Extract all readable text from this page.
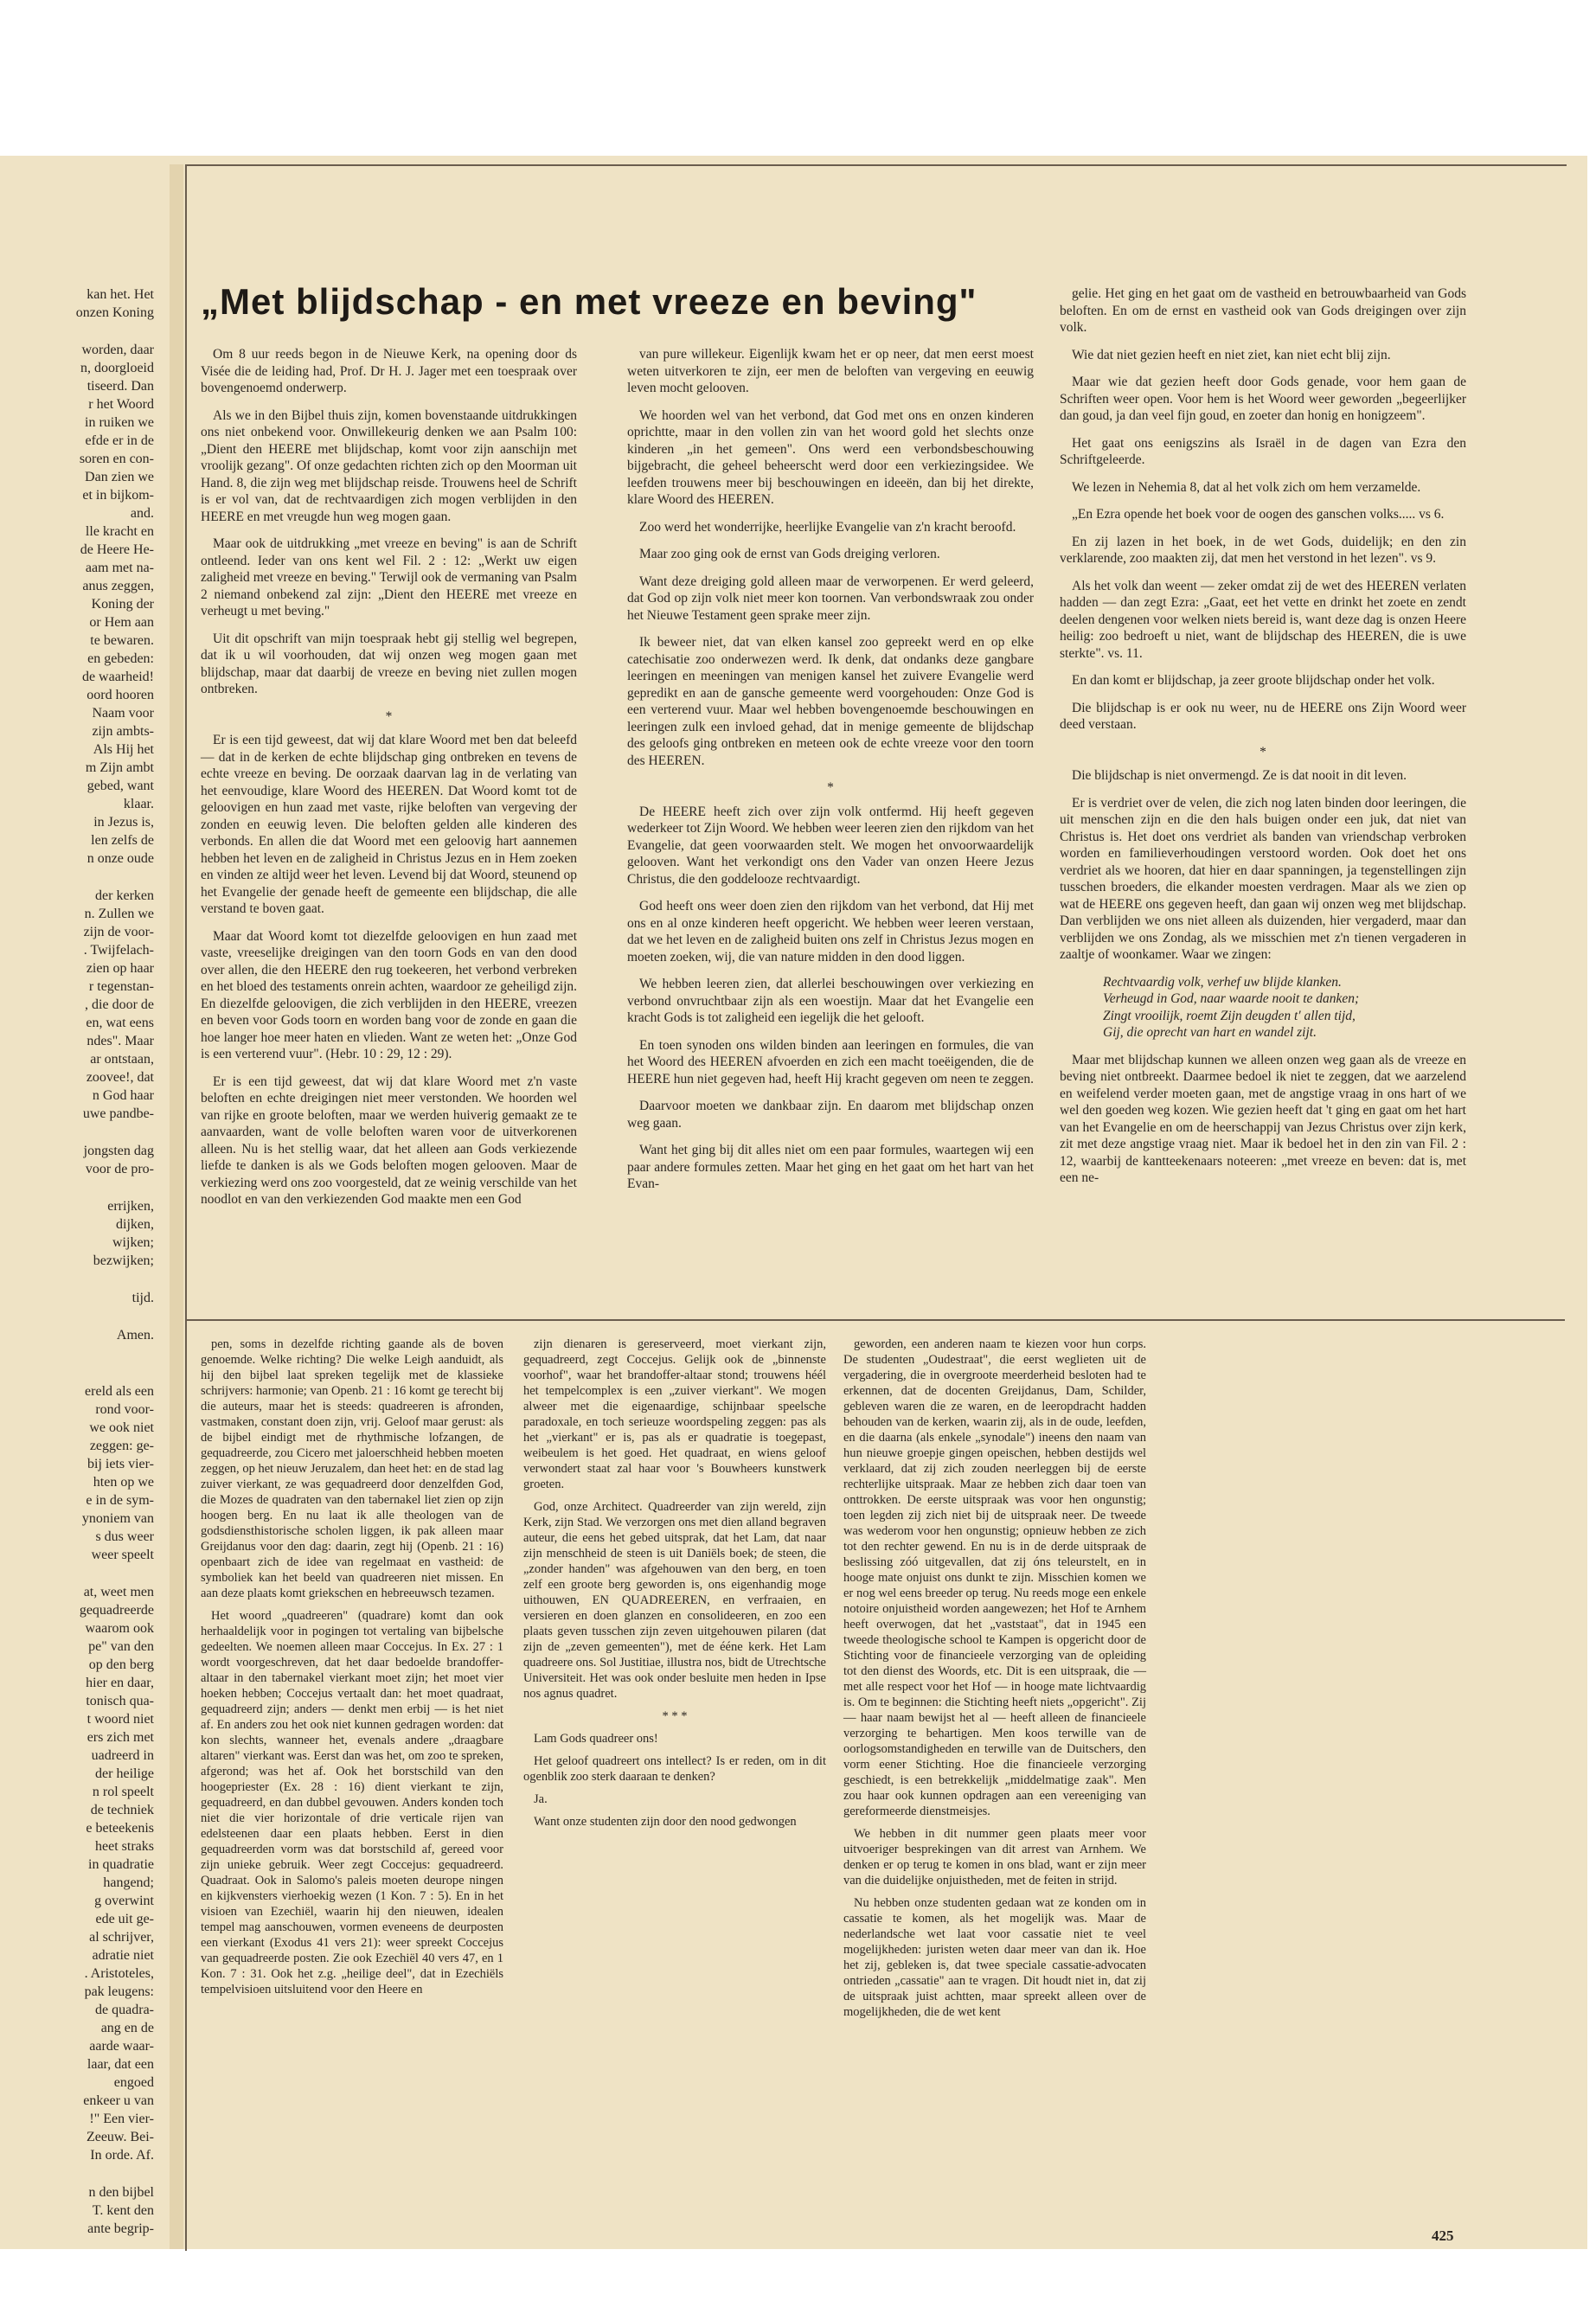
kan het. Het

onzen Koning

worden, daar

n, doorgloeid

tiseerd. Dan

r het Woord

in ruiken we

efde er in de

soren en con-

Dan zien we

et in bijkom-

and.

lle kracht en

de Heere He-

aam met na-

anus zeggen,

Koning der

or Hem aan

te bewaren.

en gebeden:

de waarheid!

oord hooren

Naam voor

zijn ambts-

Als Hij het

m Zijn ambt

gebed, want

klaar.

in Jezus is,

len zelfs de

n onze oude

der kerken

n. Zullen we

zijn de voor-

. Twijfelach-

zien op haar

r tegenstan-

, die door de

en, wat eens

ndes". Maar

ar ontstaan,

zoovee!, dat

n God haar

uwe pandbe-

jongsten dag

voor de pro-

errijken,

dijken,

wijken;

bezwijken;

tijd.

Amen.

ereld als een

rond voor-

we ook niet

zeggen: ge-

bij iets vier-

hten op we

e in de sym-

ynoniem van

s dus weer

weer speelt

at, weet men

gequadreerde

waarom ook

pe" van den

op den berg

hier en daar,

tonisch qua-

t woord niet

ers zich met

uadreerd in

der heilige

n rol speelt

de techniek

e beteekenis

heet straks

in quadratie

hangend;

g overwint

ede uit ge-

al schrijver,

adratie niet

. Aristoteles,

pak leugens:

de quadra-

ang en de

aarde waar-

laar, dat een

engoed

enkeer u van

!" Een vier-

Zeeuw. Bei-

In orde. Af.

n den bijbel

T. kent den

ante begrip-

„Met blijdschap - en met vreeze en beving"

Om 8 uur reeds begon in de Nieuwe Kerk, na opening door ds Visée die de leiding had, Prof. Dr H. J. Jager met een toespraak over bovengenoemd onderwerp.

Als we in den Bijbel thuis zijn, komen bovenstaande uitdrukkingen ons niet onbekend voor. Onwillekeurig denken we aan Psalm 100: „Dient den HEERE met blijdschap, komt voor zijn aanschijn met vroolijk gezang". Of onze gedachten richten zich op den Moorman uit Hand. 8, die zijn weg met blijdschap reisde. Trouwens heel de Schrift is er vol van, dat de rechtvaardigen zich mogen verblijden in den HEERE en met vreugde hun weg mogen gaan.

Maar ook de uitdrukking „met vreeze en beving" is aan de Schrift ontleend. Ieder van ons kent wel Fil. 2 : 12: „Werkt uw eigen zaligheid met vreeze en beving." Terwijl ook de vermaning van Psalm 2 niemand onbekend zal zijn: „Dient den HEERE met vreeze en verheugt u met beving."

Uit dit opschrift van mijn toespraak hebt gij stellig wel begrepen, dat ik u wil voorhouden, dat wij onzen weg mogen gaan met blijdschap, maar dat daarbij de vreeze en beving niet zullen mogen ontbreken.

*

Er is een tijd geweest, dat wij dat klare Woord met ben dat beleefd — dat in de kerken de echte blijdschap ging ontbreken en tevens de echte vreeze en beving. De oorzaak daarvan lag in de verlating van het eenvoudige, klare Woord des HEEREN. Dat Woord komt tot de geloovigen en hun zaad met vaste, rijke beloften van vergeving der zonden en eeuwig leven. Die beloften gelden alle kinderen des verbonds. En allen die dat Woord met een geloovig hart aannemen hebben het leven en de zaligheid in Christus Jezus en in Hem zoeken en vinden ze altijd weer het leven. Levend bij dat Woord, steunend op het Evangelie der genade heeft de gemeente een blijdschap, die alle verstand te boven gaat.

Maar dat Woord komt tot diezelfde geloovigen en hun zaad met vaste, vreeselijke dreigingen van den toorn Gods en van den dood over allen, die den HEERE den rug toekeeren, het verbond verbreken en het bloed des testaments onrein achten, waardoor ze geheiligd zijn. En diezelfde geloovigen, die zich verblijden in den HEERE, vreezen en beven voor Gods toorn en worden bang voor de zonde en gaan die hoe langer hoe meer haten en vlieden. Want ze weten het: „Onze God is een verterend vuur". (Hebr. 10 : 29, 12 : 29).

Er is een tijd geweest, dat wij dat klare Woord met z'n vaste beloften en echte dreigingen niet meer verstonden. We hoorden wel van rijke en groote beloften, maar we werden huiverig gemaakt ze te aanvaarden, want de volle beloften waren voor de uitverkorenen alleen. Nu is het stellig waar, dat het alleen aan Gods verkiezende liefde te danken is als we Gods beloften mogen gelooven. Maar de verkiezing werd ons zoo voorgesteld, dat ze weinig verschilde van het noodlot en van den verkiezenden God maakte men een God

van pure willekeur. Eigenlijk kwam het er op neer, dat men eerst moest weten uitverkoren te zijn, eer men de beloften van vergeving en eeuwig leven mocht gelooven.

We hoorden wel van het verbond, dat God met ons en onzen kinderen oprichtte, maar in den vollen zin van het woord gold het slechts onze kinderen „in het gemeen". Ons werd een verbondsbeschouwing bijgebracht, die geheel beheerscht werd door een verkiezingsidee. We leefden trouwens meer bij beschouwingen en ideeën, dan bij het direkte, klare Woord des HEEREN.

Zoo werd het wonderrijke, heerlijke Evangelie van z'n kracht beroofd.

Maar zoo ging ook de ernst van Gods dreiging verloren.

Want deze dreiging gold alleen maar de verworpenen. Er werd geleerd, dat God op zijn volk niet meer kon toornen. Van verbondswraak zou onder het Nieuwe Testament geen sprake meer zijn.

Ik beweer niet, dat van elken kansel zoo gepreekt werd en op elke catechisatie zoo onderwezen werd. Ik denk, dat ondanks deze gangbare leeringen en meeningen van menigen kansel het zuivere Evangelie werd gepredikt en aan de gansche gemeente werd voorgehouden: Onze God is een verterend vuur. Maar wel hebben bovengenoemde beschouwingen en leeringen zulk een invloed gehad, dat in menige gemeente de blijdschap des geloofs ging ontbreken en meteen ook de echte vreeze voor den toorn des HEEREN.

*

De HEERE heeft zich over zijn volk ontfermd. Hij heeft gegeven wederkeer tot Zijn Woord. We hebben weer leeren zien den rijkdom van het Evangelie, dat geen voorwaarden stelt. We mogen het onvoorwaardelijk gelooven. Want het verkondigt ons den Vader van onzen Heere Jezus Christus, die den goddelooze rechtvaardigt.

God heeft ons weer doen zien den rijkdom van het verbond, dat Hij met ons en al onze kinderen heeft opgericht. We hebben weer leeren verstaan, dat we het leven en de zaligheid buiten ons zelf in Christus Jezus mogen en moeten zoeken, wij, die van nature midden in den dood liggen.

We hebben leeren zien, dat allerlei beschouwingen over verkiezing en verbond onvruchtbaar zijn als een woestijn. Maar dat het Evangelie een kracht Gods is tot zaligheid een iegelijk die het gelooft.

En toen synoden ons wilden binden aan leeringen en formules, die van het Woord des HEEREN afvoerden en zich een macht toeëigenden, die de HEERE hun niet gegeven had, heeft Hij kracht gegeven om neen te zeggen.

Daarvoor moeten we dankbaar zijn. En daarom met blijdschap onzen weg gaan.

Want het ging bij dit alles niet om een paar formules, waartegen wij een paar andere formules zetten. Maar het ging en het gaat om het hart van het Evan-

gelie. Het ging en het gaat om de vastheid en betrouwbaarheid van Gods beloften. En om de ernst en vastheid ook van Gods dreigingen over zijn volk.

Wie dat niet gezien heeft en niet ziet, kan niet echt blij zijn.

Maar wie dat gezien heeft door Gods genade, voor hem gaan de Schriften weer open. Voor hem is het Woord weer geworden „begeerlijker dan goud, ja dan veel fijn goud, en zoeter dan honig en honigzeem".

Het gaat ons eenigszins als Israël in de dagen van Ezra den Schriftgeleerde.

We lezen in Nehemia 8, dat al het volk zich om hem verzamelde.

„En Ezra opende het boek voor de oogen des ganschen volks..... vs 6.

En zij lazen in het boek, in de wet Gods, duidelijk; en den zin verklarende, zoo maakten zij, dat men het verstond in het lezen". vs 9.

Als het volk dan weent — zeker omdat zij de wet des HEEREN verlaten hadden — dan zegt Ezra: „Gaat, eet het vette en drinkt het zoete en zendt deelen dengenen voor welken niets bereid is, want deze dag is onzen Heere heilig: zoo bedroeft u niet, want de blijdschap des HEEREN, die is uwe sterkte". vs. 11.

En dan komt er blijdschap, ja zeer groote blijdschap onder het volk.

Die blijdschap is er ook nu weer, nu de HEERE ons Zijn Woord weer deed verstaan.

*

Die blijdschap is niet onvermengd. Ze is dat nooit in dit leven.

Er is verdriet over de velen, die zich nog laten binden door leeringen, die uit menschen zijn en die den hals buigen onder een juk, dat niet van Christus is. Het doet ons verdriet als banden van vriendschap verbroken worden en familieverhoudingen verstoord worden. Ook doet het ons verdriet als we hooren, dat hier en daar spanningen, ja tegenstellingen zijn tusschen broeders, die elkander moesten verdragen. Maar als we zien op wat de HEERE ons gegeven heeft, dan gaan wij onzen weg met blijdschap. Dan verblijden we ons niet alleen als duizenden, hier vergaderd, maar dan verblijden we ons Zondag, als we misschien met z'n tienen vergaderen in zaaltje of woonkamer. Waar we zingen:

Rechtvaardig volk, verhef uw blijde klanken.

Verheugd in God, naar waarde nooit te danken;

Zingt vrooilijk, roemt Zijn deugden t' allen tijd,

Gij, die oprecht van hart en wandel zijt.

Maar met blijdschap kunnen we alleen onzen weg gaan als de vreeze en beving niet ontbreekt. Daarmee bedoel ik niet te zeggen, dat we aarzelend en weifelend verder moeten gaan, met de angstige vraag in ons hart of we wel den goeden weg kozen. Wie gezien heeft dat 't ging en gaat om het hart van het Evangelie en om de heerschappij van Jezus Christus over zijn kerk, zit met deze angstige vraag niet. Maar ik bedoel het in den zin van Fil. 2 : 12, waarbij de kantteekenaars noteeren: „met vreeze en beven: dat is, met een ne-

pen, soms in dezelfde richting gaande als de boven genoemde. Welke richting? Die welke Leigh aanduidt, als hij den bijbel laat spreken tegelijk met de klassieke schrijvers: harmonie; van Openb. 21 : 16 komt ge terecht bij die auteurs, maar het is steeds: quadreeren is afronden, vastmaken, constant doen zijn, vrij. Geloof maar gerust: als de bijbel eindigt met de rhythmische lofzangen, de gequadreerde, zou Cicero met jaloerschheid hebben moeten zeggen, op het nieuw Jeruzalem, dan heet het: en de stad lag zuiver vierkant, ze was gequadreerd door denzelfden God, die Mozes de quadraten van den tabernakel liet zien op zijn hoogen berg. En nu laat ik alle theologen van de godsdiensthistorische scholen liggen, ik pak alleen maar Greijdanus voor den dag: daarin, zegt hij (Openb. 21 : 16) openbaart zich de idee van regelmaat en vastheid: de symboliek kan het beeld van quadreeren niet missen. En aan deze plaats komt griekschen en hebreeuwsch tezamen.

Het woord „quadreeren" (quadrare) komt dan ook herhaaldelijk voor in pogingen tot vertaling van bijbelsche gedeelten. We noemen alleen maar Coccejus. In Ex. 27 : 1 wordt voorgeschreven, dat het daar bedoelde brandoffer-altaar in den tabernakel vierkant moet zijn; het moet vier hoeken hebben; Coccejus vertaalt dan: het moet quadraat, gequadreerd zijn; anders — denkt men erbij — is het niet af. En anders zou het ook niet kunnen gedragen worden: dat kon slechts, wanneer het, evenals andere „draagbare altaren" vierkant was. Eerst dan was het, om zoo te spreken, afgerond; was het af. Ook het borstschild van den hoogepriester (Ex. 28 : 16) dient vierkant te zijn, gequadreerd, en dan dubbel gevouwen. Anders konden toch niet die vier horizontale of drie verticale rijen van edelsteenen daar een plaats hebben. Eerst in dien gequadreerden vorm was dat borstschild af, gereed voor zijn unieke gebruik. Weer zegt Coccejus: gequadreerd. Quadraat. Ook in Salomo's paleis moeten deurope ningen en kijkvensters vierhoekig wezen (1 Kon. 7 : 5). En in het visioen van Ezechiël, waarin hij den nieuwen, idealen tempel mag aanschouwen, vormen eveneens de deurposten een vierkant (Exodus 41 vers 21): weer spreekt Coccejus van gequadreerde posten. Zie ook Ezechiël 40 vers 47, en 1 Kon. 7 : 31. Ook het z.g. „heilige deel", dat in Ezechiëls tempelvisioen uitsluitend voor den Heere en

zijn dienaren is gereserveerd, moet vierkant zijn, gequadreerd, zegt Coccejus. Gelijk ook de „binnenste voorhof", waar het brandoffer-altaar stond; trouwens héél het tempelcomplex is een „zuiver vierkant". We mogen alweer met die eigenaardige, schijnbaar speelsche paradoxale, en toch serieuze woordspeling zeggen: pas als het „vierkant" er is, pas als er quadratie is toegepast, weibeulem is het goed. Het quadraat, en wiens geloof verwondert staat zal haar voor 's Bouwheers kunstwerk groeten.

God, onze Architect. Quadreerder van zijn wereld, zijn Kerk, zijn Stad. We verzorgen ons met dien alland begraven auteur, die eens het gebed uitsprak, dat het Lam, dat naar zijn menschheid de steen is uit Daniëls boek; de steen, die „zonder handen" was afgehouwen van den berg, en toen zelf een groote berg geworden is, ons eigenhandig moge uithouwen, EN QUADREEREN, en verfraaien, en versieren en doen glanzen en consolideeren, en zoo een plaats geven tusschen zijn zeven uitgehouwen pilaren (dat zijn de „zeven gemeenten"), met de ééne kerk. Het Lam quadreere ons. Sol Justitiae, illustra nos, bidt de Utrechtsche Universiteit. Het was ook onder besluite men heden in Ipse nos agnus quadret.

* * *

Lam Gods quadreer ons!

Het geloof quadreert ons intellect? Is er reden, om in dit ogenblik zoo sterk daaraan te denken?

Ja.

Want onze studenten zijn door den nood gedwongen

geworden, een anderen naam te kiezen voor hun corps. De studenten „Oudestraat", die eerst weglieten uit de vergadering, die in overgroote meerderheid besloten had te erkennen, dat de docenten Greijdanus, Dam, Schilder, gebleven waren die ze waren, en de leeropdracht hadden behouden van de kerken, waarin zij, als in de oude, leefden, en die daarna (als enkele „synodale") ineens den naam van hun nieuwe groepje gingen opeischen, hebben destijds wel verklaard, dat zij zich zouden neerleggen bij de eerste rechterlijke uitspraak. Maar ze hebben zich daar toen van onttrokken. De eerste uitspraak was voor hen ongunstig; toen legden zij zich niet bij de uitspraak neer. De tweede was wederom voor hen ongunstig; opnieuw hebben ze zich tot den rechter gewend. En nu is in de derde uitspraak de beslissing zóó uitgevallen, dat zij óns teleurstelt, en in hooge mate onjuist ons dunkt te zijn. Misschien komen we er nog wel eens breeder op terug. Nu reeds moge een enkele notoire onjuistheid worden aangewezen; het Hof te Arnhem heeft overwogen, dat het „vaststaat", dat in 1945 een tweede theologische school te Kampen is opgericht door de Stichting voor de financieele verzorging van de opleiding tot den dienst des Woords, etc. Dit is een uitspraak, die — met alle respect voor het Hof — in hooge mate lichtvaardig is. Om te beginnen: die Stichting heeft niets „opgericht". Zij — haar naam bewijst het al — heeft alleen de financieele verzorging te behartigen. Men koos terwille van de oorlogsomstandigheden en terwille van de Duitschers, den vorm eener Stichting. Hoe die financieele verzorging geschiedt, is een betrekkelijk „middelmatige zaak". Men zou haar ook kunnen opdragen aan een vereeniging van gereformeerde dienstmeisjes.

We hebben in dit nummer geen plaats meer voor uitvoeriger besprekingen van dit arrest van Arnhem. We denken er op terug te komen in ons blad, want er zijn meer van die duidelijke onjuistheden, met de feiten in strijd.

Nu hebben onze studenten gedaan wat ze konden om in cassatie te komen, als het mogelijk was. Maar de nederlandsche wet laat voor cassatie niet te veel mogelijkheden: juristen weten daar meer van dan ik. Hoe het zij, gebleken is, dat twee speciale cassatie-advocaten ontrieden „cassatie" aan te vragen. Dit houdt niet in, dat zij de uitspraak juist achtten, maar spreekt alleen over de mogelijkheden, die de wet kent

425
